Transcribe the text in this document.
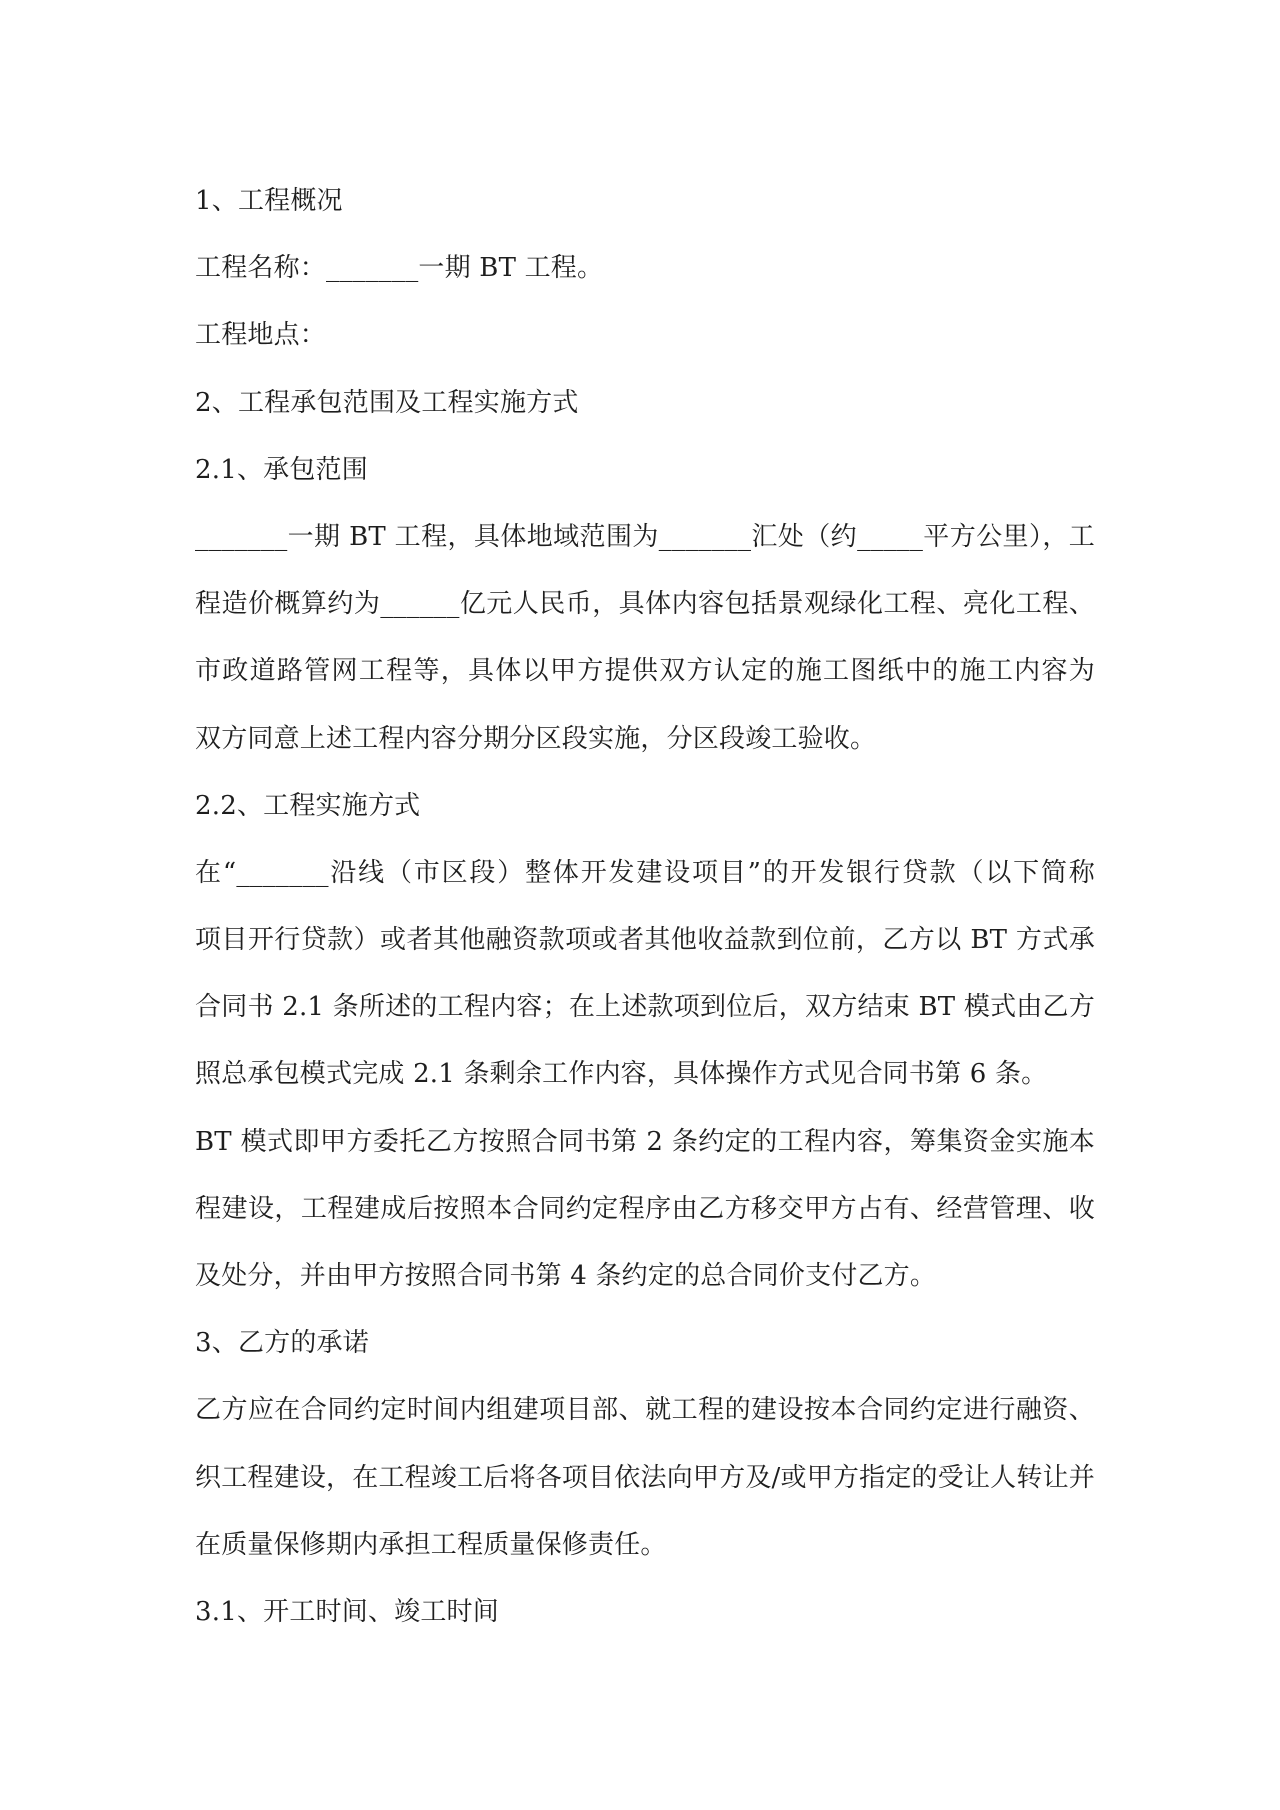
1、工程概况

工程名称：_______一期 BT 工程。

工程地点：

2、工程承包范围及工程实施方式

2.1、承包范围

_______一期 BT 工程，具体地域范围为_______汇处（约_____平方公里），工

程造价概算约为______亿元人民币，具体内容包括景观绿化工程、亮化工程、

市政道路管网工程等，具体以甲方提供双方认定的施工图纸中的施工内容为

双方同意上述工程内容分期分区段实施，分区段竣工验收。

2.2、工程实施方式

在“_______沿线（市区段）整体开发建设项目”的开发银行贷款（以下简称

项目开行贷款）或者其他融资款项或者其他收益款到位前，乙方以 BT 方式承

合同书 2.1 条所述的工程内容；在上述款项到位后，双方结束 BT 模式由乙方

照总承包模式完成 2.1 条剩余工作内容，具体操作方式见合同书第 6 条。

BT 模式即甲方委托乙方按照合同书第 2 条约定的工程内容，筹集资金实施本

程建设，工程建成后按照本合同约定程序由乙方移交甲方占有、经营管理、收

及处分，并由甲方按照合同书第 4 条约定的总合同价支付乙方。

3、乙方的承诺

乙方应在合同约定时间内组建项目部、就工程的建设按本合同约定进行融资、

织工程建设，在工程竣工后将各项目依法向甲方及/或甲方指定的受让人转让并

在质量保修期内承担工程质量保修责任。

3.1、开工时间、竣工时间
